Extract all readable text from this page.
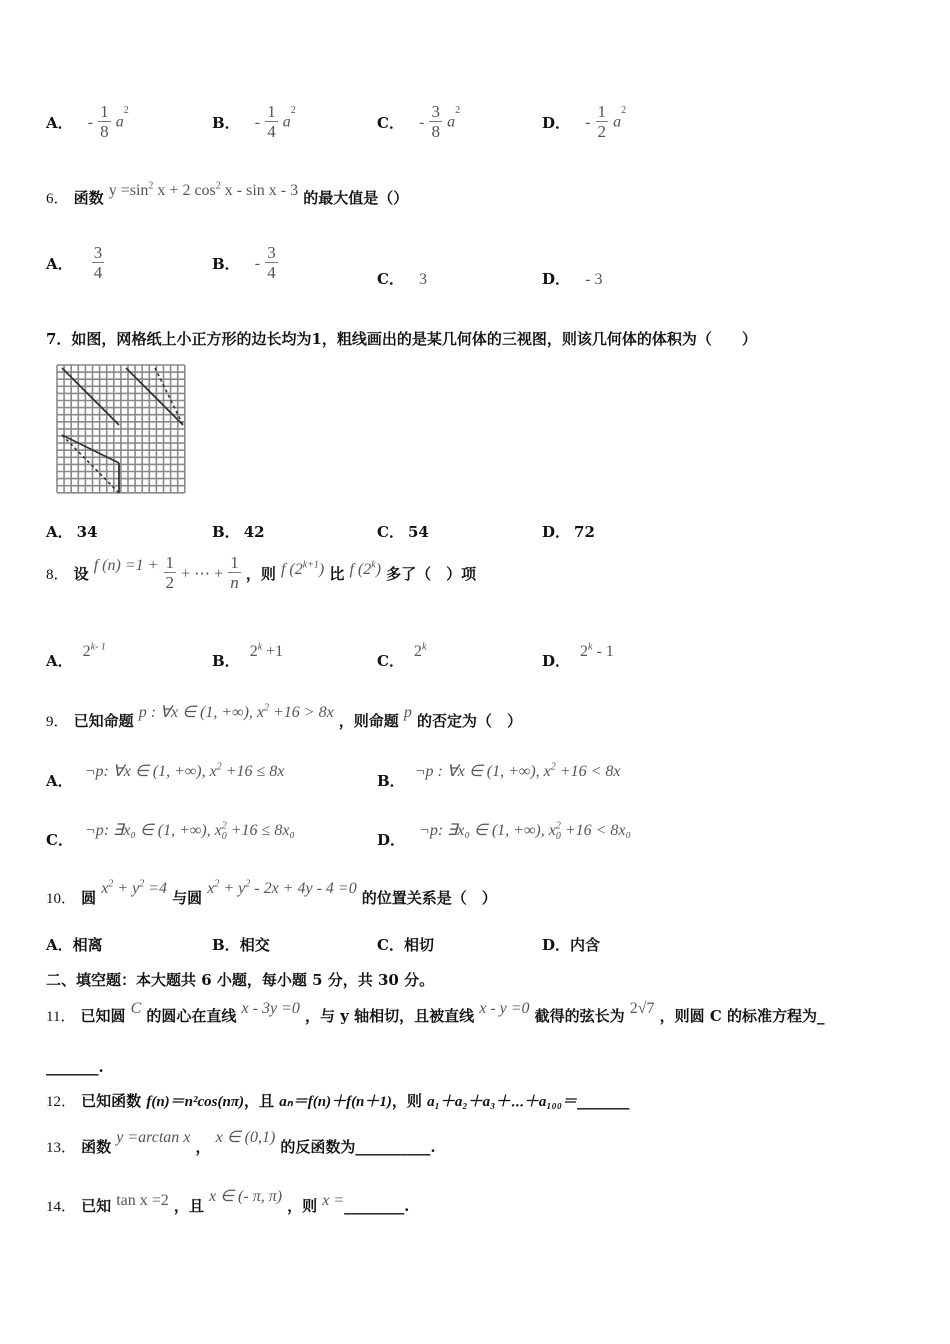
A． - $\frac{1}{8} a^2$
B． - $\frac{1}{4} a^2$
C． - $\frac{3}{8} a^2$
D． - $\frac{1}{2} a^2$
6． 函数 $y =\sin^2$ x + 2 $\cos^2 x$ - sin x - 3 的最大值是（）
A． $\frac{3}{4}$	B． - $\frac{3}{4}$	C． 3	D． - 3
7．如图，网格纸上小正方形的边长均为1，粗线画出的是某几何体的三视图，则该几何体的体积为（　　）
A． 34	B． 42	C． 54	D． 72
8． 设 f $(n) =1 + \frac{1}{2}$ + ⋯ + $\frac{1}{n}$ ，则 f $(2^{k+1})$ 比 f (2$^k$) 多了（　）项
A．2$^{k- 1}$
B．$2^k +1$
C．2$^k$
D．2$^k$ - 1
9． 已知命题 p : ∀x ∈ (1, +∞), $x^2 +16 > 8x$ ，则命题 p 的否定为（　）
A．¬p: ∀x ∈ (1, +∞), $x^2 +16 \le 8x$
B．¬p : ∀x ∈ (1, +∞), $x^2 +16 < 8x$
C．¬p: ∃x₀ ∈ (1, +∞), $x^2_0 +16 \le 8x_0$
D．¬p: ∃x₀ ∈ (1, +∞), $x^2_0 +16 < 8x_0$
10． 圆 $x^2 + y^2 =4$ 与圆 $x^2 + y^2 - 2x + 4y - 4 =0$ 的位置关系是（　）
A．相离	B．相交	C．相切	D．内含
二、填空题：本大题共 6 小题，每小题 5 分，共 30 分。
11． 已知圆 C 的圆心在直线 x - 3y =0 ，与 y 轴相切，且被直线 x - y =0 截得的弦长为 2√7 ，则圆 C 的标准方程为_
_______.
12． 已知函数 f(n)＝n²cos(nπ)，且 aₙ＝f(n)＋f(n＋1)，则 a₁＋a₂＋a₃＋⋯＋a₁₀₀＝_______
13． 函数 y =arctan x ， x ∈ (0,1) 的反函数为__________.
14． 已知 tan x =2 ，且 x ∈ (- π, π) ，则 x =________.
